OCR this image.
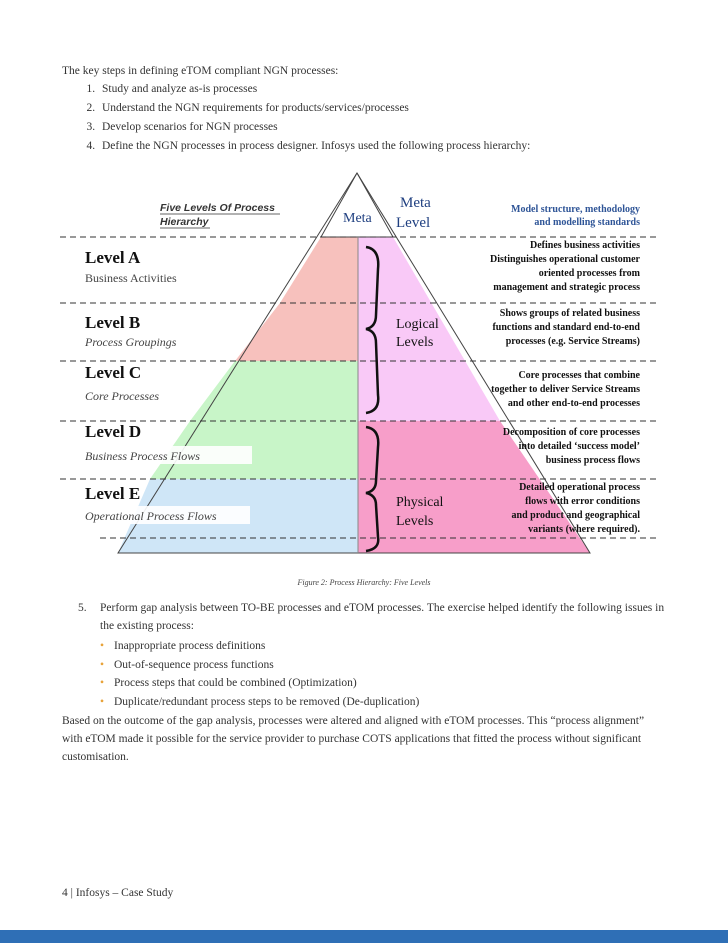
The key steps in defining eTOM compliant NGN processes:
1. Study and analyze as-is processes
2. Understand the NGN requirements for products/services/processes
3. Develop scenarios for NGN processes
4. Define the NGN processes in process designer. Infosys used the following process hierarchy:
Five Levels Of Process
Hierarchy	Meta
Meta
Level
Logical
Levels
Physical
Levels
Level A
Business Activities
Level B
Process Groupings
Level C
Core Processes
Level D
Business Process Flows
Level E
Operational Process Flows
Model structure, methodology
and modelling standards
Defines business activities
Distinguishes operational customer
oriented processes from
management and strategic process
Shows groups of related business
functions and standard end-to-end
processes (e.g. Service Streams)
Core processes that combine
together to deliver Service Streams
and other end-to-end processes
Decomposition of core processes
into detailed ‘success model’
business process flows
Detailed operational process
flows with error conditions
and product and geographical
variants (where required).
Figure 2: Process Hierarchy: Five Levels
5.	Perform gap analysis between TO-BE processes and eTOM processes. The exercise helped identify the following issues in the existing process:
• Inappropriate process definitions
• Out-of-sequence process functions
• Process steps that could be combined (Optimization)
• Duplicate/redundant process steps to be removed (De-duplication)
Based on the outcome of the gap analysis, processes were altered and aligned with eTOM processes. This “process alignment” with eTOM made it possible for the service provider to purchase COTS applications that fitted the process without significant customisation.
4 | Infosys – Case Study
